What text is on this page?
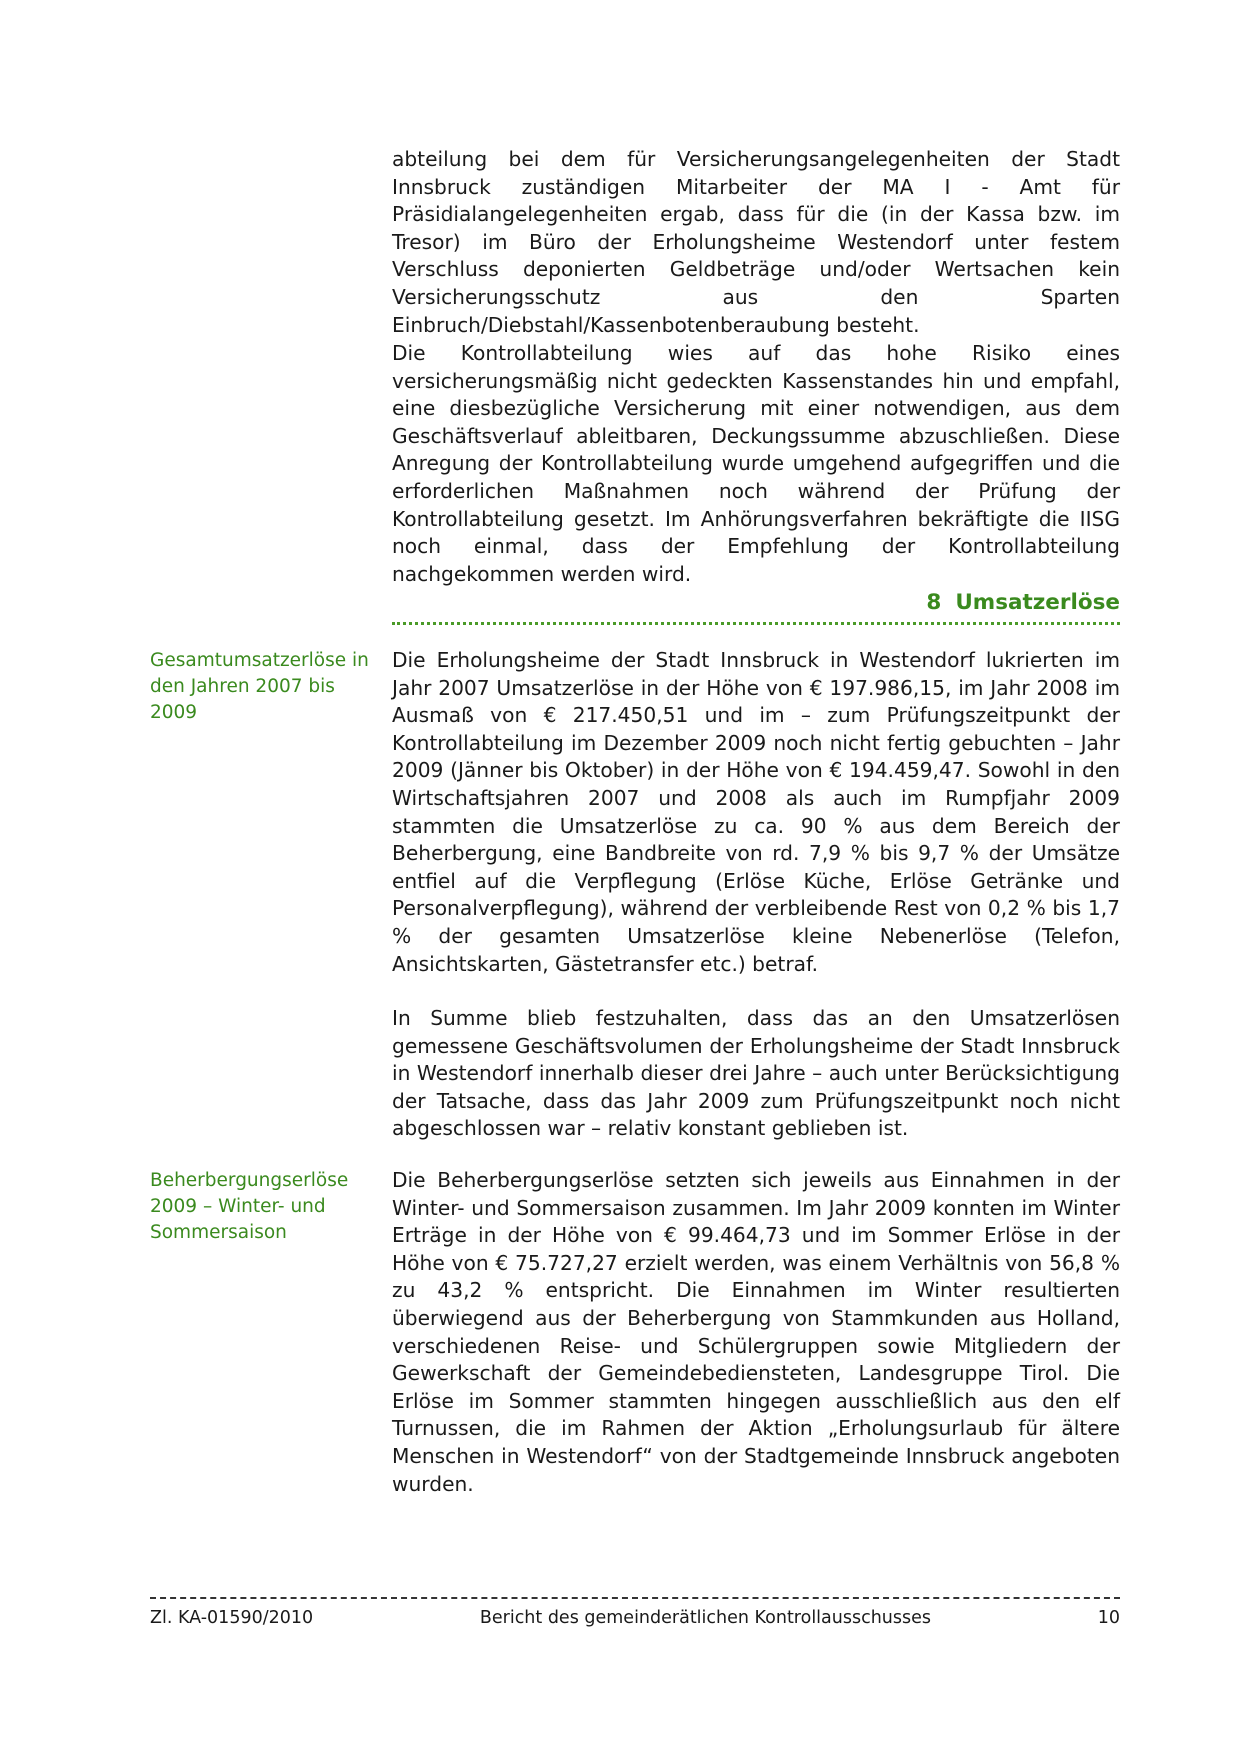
abteilung bei dem für Versicherungsangelegenheiten der Stadt Innsbruck zuständigen Mitarbeiter der MA I - Amt für Präsidialangelegenheiten ergab, dass für die (in der Kassa bzw. im Tresor) im Büro der Erholungsheime Westendorf unter festem Verschluss deponierten Geldbeträge und/oder Wertsachen kein Versicherungsschutz aus den Sparten Einbruch/Diebstahl/Kassenbotenberaubung besteht.

Die Kontrollabteilung wies auf das hohe Risiko eines versicherungsmäßig nicht gedeckten Kassenstandes hin und empfahl, eine diesbezügliche Versicherung mit einer notwendigen, aus dem Geschäftsverlauf ableitbaren, Deckungssumme abzuschließen. Diese Anregung der Kontrollabteilung wurde umgehend aufgegriffen und die erforderlichen Maßnahmen noch während der Prüfung der Kontrollabteilung gesetzt. Im Anhörungsverfahren bekräftigte die IISG noch einmal, dass der Empfehlung der Kontrollabteilung nachgekommen werden wird.

8 Umsatzerlöse

Gesamtumsatzerlöse in den Jahren 2007 bis 2009

Die Erholungsheime der Stadt Innsbruck in Westendorf lukrierten im Jahr 2007 Umsatzerlöse in der Höhe von € 197.986,15, im Jahr 2008 im Ausmaß von € 217.450,51 und im – zum Prüfungszeitpunkt der Kontrollabteilung im Dezember 2009 noch nicht fertig gebuchten – Jahr 2009 (Jänner bis Oktober) in der Höhe von € 194.459,47. Sowohl in den Wirtschaftsjahren 2007 und 2008 als auch im Rumpfjahr 2009 stammten die Umsatzerlöse zu ca. 90 % aus dem Bereich der Beherbergung, eine Bandbreite von rd. 7,9 % bis 9,7 % der Umsätze entfiel auf die Verpflegung (Erlöse Küche, Erlöse Getränke und Personalverpflegung), während der verbleibende Rest von 0,2 % bis 1,7 % der gesamten Umsatzerlöse kleine Nebenerlöse (Telefon, Ansichtskarten, Gästetransfer etc.) betraf.

In Summe blieb festzuhalten, dass das an den Umsatzerlösen gemessene Geschäftsvolumen der Erholungsheime der Stadt Innsbruck in Westendorf innerhalb dieser drei Jahre – auch unter Berücksichtigung der Tatsache, dass das Jahr 2009 zum Prüfungszeitpunkt noch nicht abgeschlossen war – relativ konstant geblieben ist.

Beherbergungserlöse 2009 – Winter- und Sommersaison

Die Beherbergungserlöse setzten sich jeweils aus Einnahmen in der Winter- und Sommersaison zusammen. Im Jahr 2009 konnten im Winter Erträge in der Höhe von € 99.464,73 und im Sommer Erlöse in der Höhe von € 75.727,27 erzielt werden, was einem Verhältnis von 56,8 % zu 43,2 % entspricht. Die Einnahmen im Winter resultierten überwiegend aus der Beherbergung von Stammkunden aus Holland, verschiedenen Reise- und Schülergruppen sowie Mitgliedern der Gewerkschaft der Gemeindebediensteten, Landesgruppe Tirol. Die Erlöse im Sommer stammten hingegen ausschließlich aus den elf Turnussen, die im Rahmen der Aktion „Erholungsurlaub für ältere Menschen in Westendorf“ von der Stadtgemeinde Innsbruck angeboten wurden.

Zl. KA-01590/2010	Bericht des gemeinderätlichen Kontrollausschusses	10
